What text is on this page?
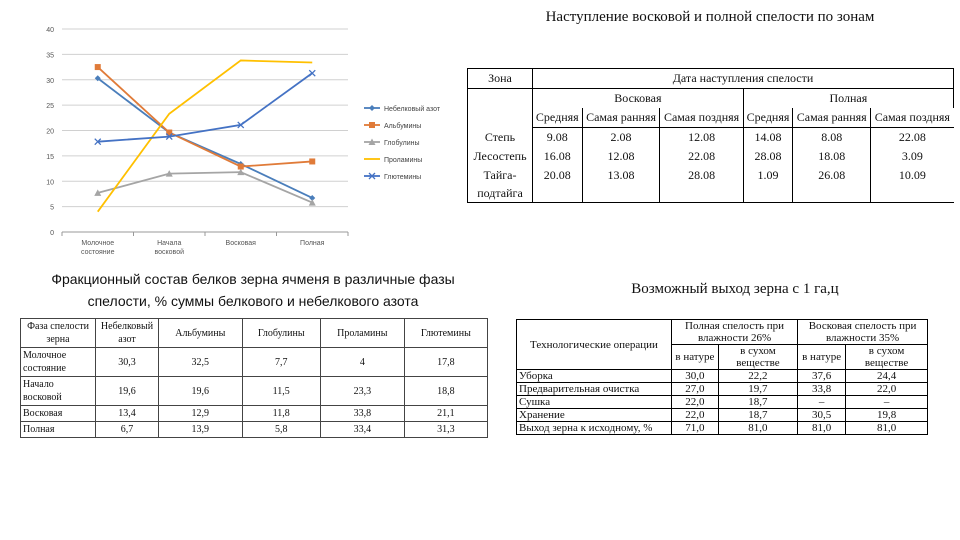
0
5
10
15
20
25
30
35
40
Молочное состояние
Начала восковой
Восковая	Полная
Небелковый азот
Альбумины
Глобулины
Проламины
Глютемины
Наступление восковой и полной спелости по зонам
Зона	Дата наступления спелости					
	Восковая			Полная		
	Средняя	Самая ранняя	Самая поздняя	Средняя	Самая ранняя	Самая поздняя
Степь	9.08	2.08	12.08	14.08	8.08	22.08
Лесостепь	16.08	12.08	22.08	28.08	18.08	3.09
Тайга-подтайга	20.08	13.08	28.08	1.09	26.08	10.09
Фракционный состав белков зерна ячменя в различные фазы спелости, % суммы белкового и небелкового азота
Фаза спелости зерна	Небелковый азот	Альбумины	Глобулины	Проламины	Глютемины
Молочное состояние	30,3	32,5	7,7	4	17,8
Начало восковой	19,6	19,6	11,5	23,3	18,8
Восковая	13,4	12,9	11,8	33,8	21,1
Полная	6,7	13,9	5,8	33,4	31,3
Возможный выход зерна с 1 га,ц
Технологические операции	Полная спелость при влажности 26%		Восковая спелость при влажности 35%	
	в натуре	в сухом веществе	в натуре	в сухом веществе
Уборка	30,0	22,2	37,6	24,4
Предварительная очистка	27,0	19,7	33,8	22,0
Сушка	22,0	18,7	–	–
Хранение	22,0	18,7	30,5	19,8
Выход зерна к исходному, %	71,0	81,0	81,0	81,0
